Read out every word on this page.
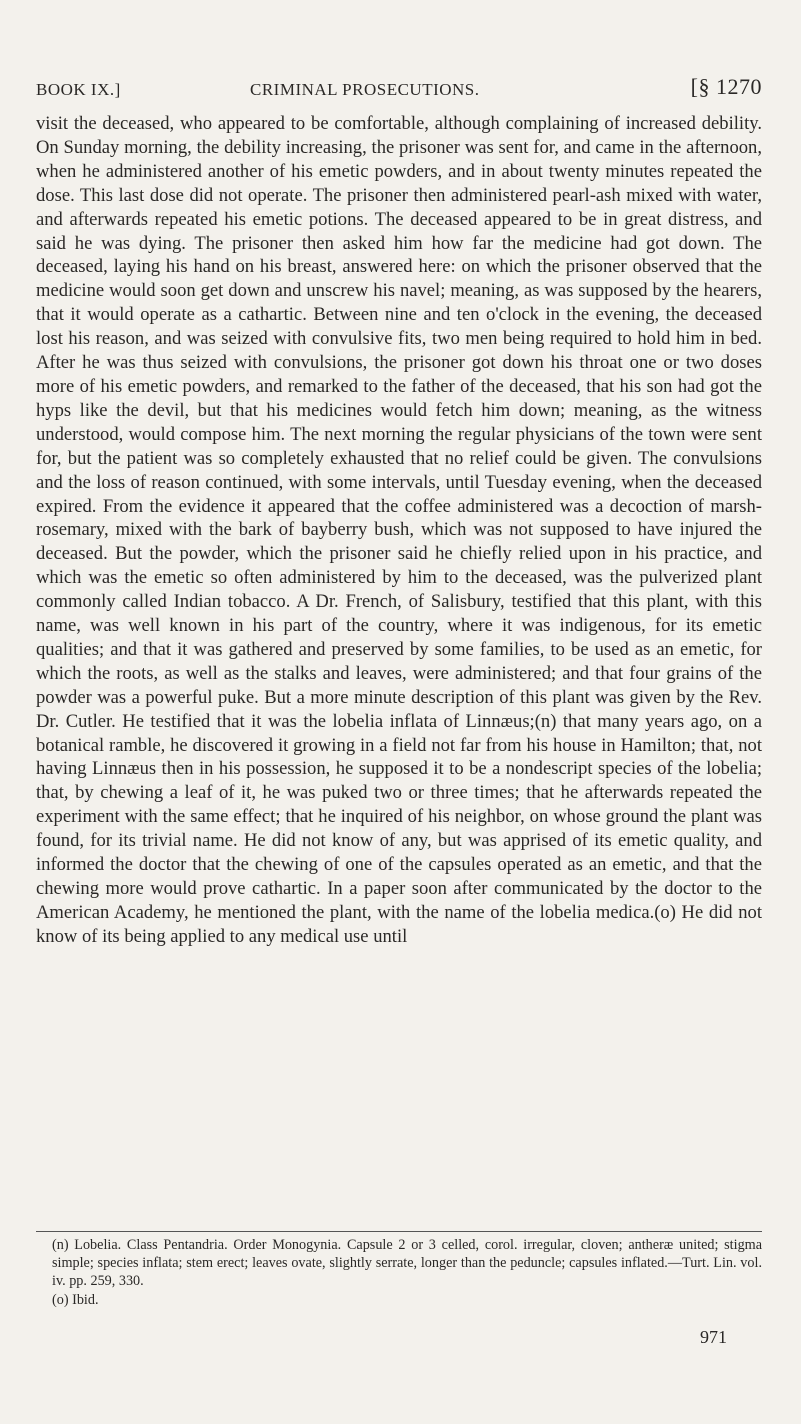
BOOK IX.]	CRIMINAL PROSECUTIONS.	[§ 1270

visit the deceased, who appeared to be comfortable, although complaining of increased debility. On Sunday morning, the debility increasing, the prisoner was sent for, and came in the afternoon, when he administered another of his emetic powders, and in about twenty minutes repeated the dose. This last dose did not operate. The prisoner then administered pearl-ash mixed with water, and afterwards repeated his emetic potions. The deceased appeared to be in great distress, and said he was dying. The prisoner then asked him how far the medicine had got down. The deceased, laying his hand on his breast, answered here: on which the prisoner observed that the medicine would soon get down and unscrew his navel; meaning, as was supposed by the hearers, that it would operate as a cathartic. Between nine and ten o'clock in the evening, the deceased lost his reason, and was seized with convulsive fits, two men being required to hold him in bed. After he was thus seized with convulsions, the prisoner got down his throat one or two doses more of his emetic powders, and remarked to the father of the deceased, that his son had got the hyps like the devil, but that his medicines would fetch him down; meaning, as the witness understood, would compose him. The next morning the regular physicians of the town were sent for, but the patient was so completely exhausted that no relief could be given. The convulsions and the loss of reason continued, with some intervals, until Tuesday evening, when the deceased expired. From the evidence it appeared that the coffee administered was a decoction of marsh-rosemary, mixed with the bark of bayberry bush, which was not supposed to have injured the deceased. But the powder, which the prisoner said he chiefly relied upon in his practice, and which was the emetic so often administered by him to the deceased, was the pulverized plant commonly called Indian tobacco. A Dr. French, of Salisbury, testified that this plant, with this name, was well known in his part of the country, where it was indigenous, for its emetic qualities; and that it was gathered and preserved by some families, to be used as an emetic, for which the roots, as well as the stalks and leaves, were administered; and that four grains of the powder was a powerful puke. But a more minute description of this plant was given by the Rev. Dr. Cutler. He testified that it was the lobelia inflata of Linnæus;(n) that many years ago, on a botanical ramble, he discovered it growing in a field not far from his house in Hamilton; that, not having Linnæus then in his possession, he supposed it to be a nondescript species of the lobelia; that, by chewing a leaf of it, he was puked two or three times; that he afterwards repeated the experiment with the same effect; that he inquired of his neighbor, on whose ground the plant was found, for its trivial name. He did not know of any, but was apprised of its emetic quality, and informed the doctor that the chewing of one of the capsules operated as an emetic, and that the chewing more would prove cathartic. In a paper soon after communicated by the doctor to the American Academy, he mentioned the plant, with the name of the lobelia medica.(o) He did not know of its being applied to any medical use until

(n) Lobelia. Class Pentandria. Order Monogynia. Capsule 2 or 3 celled, corol. irregular, cloven; antheræ united; stigma simple; species inflata; stem erect; leaves ovate, slightly serrate, longer than the peduncle; capsules inflated.—Turt. Lin. vol. iv. pp. 259, 330.

(o) Ibid.

971
